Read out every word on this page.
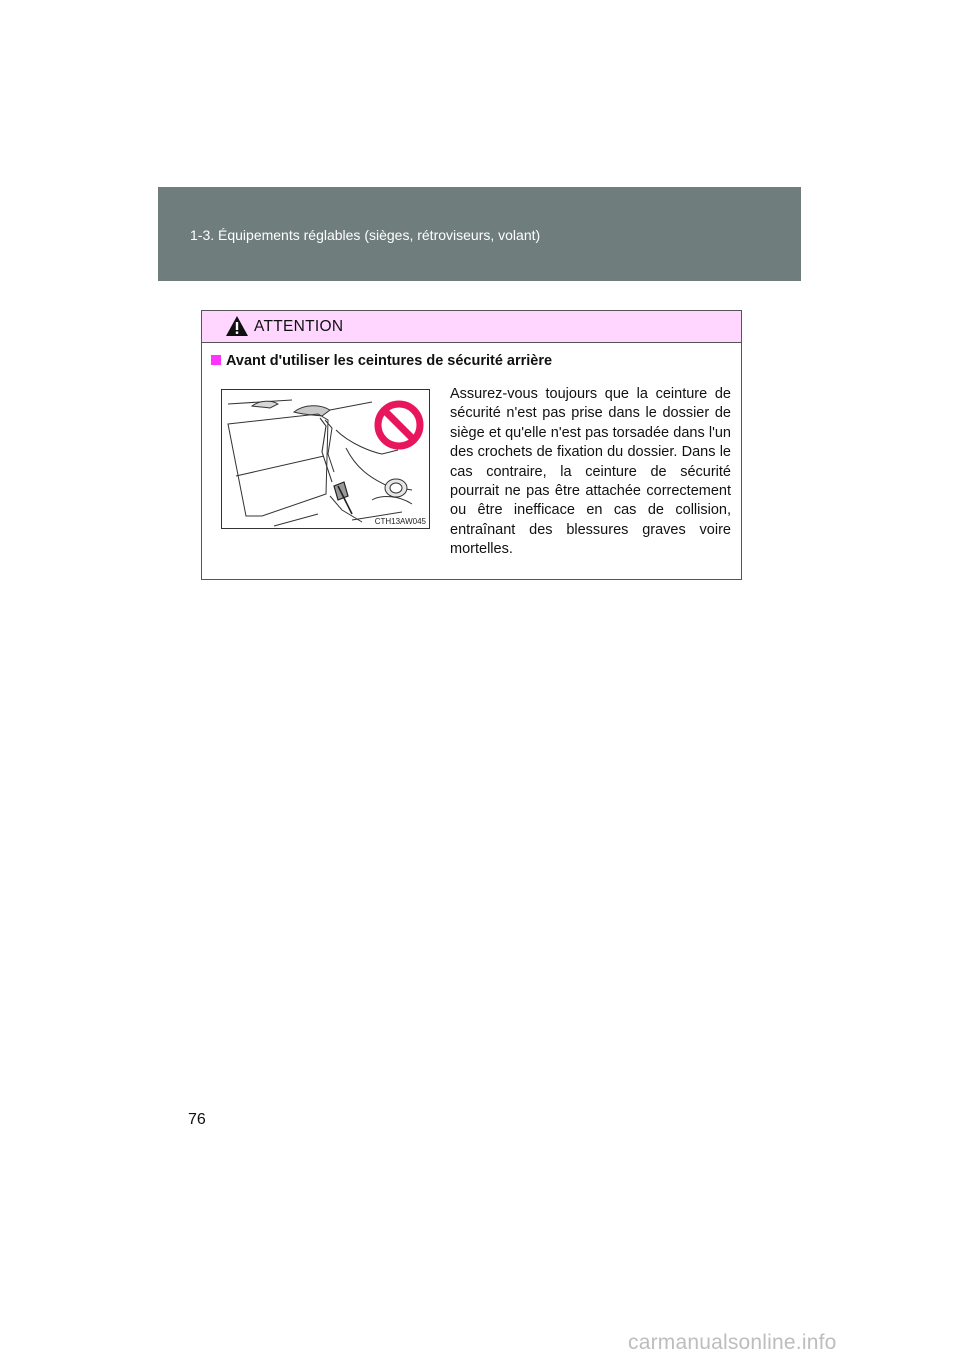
1-3. Équipements réglables (sièges, rétroviseurs, volant)
ATTENTION
Avant d'utiliser les ceintures de sécurité arrière
CTH13AW045
Assurez-vous toujours que la ceinture de sécurité n'est pas prise dans le dossier de siège et qu'elle n'est pas torsadée dans l'un des crochets de fixation du dossier. Dans le cas contraire, la ceinture de sécurité pourrait ne pas être attachée correctement ou être inefficace en cas de collision, entraînant des blessures graves voire mortelles.
76
carmanualsonline.info
